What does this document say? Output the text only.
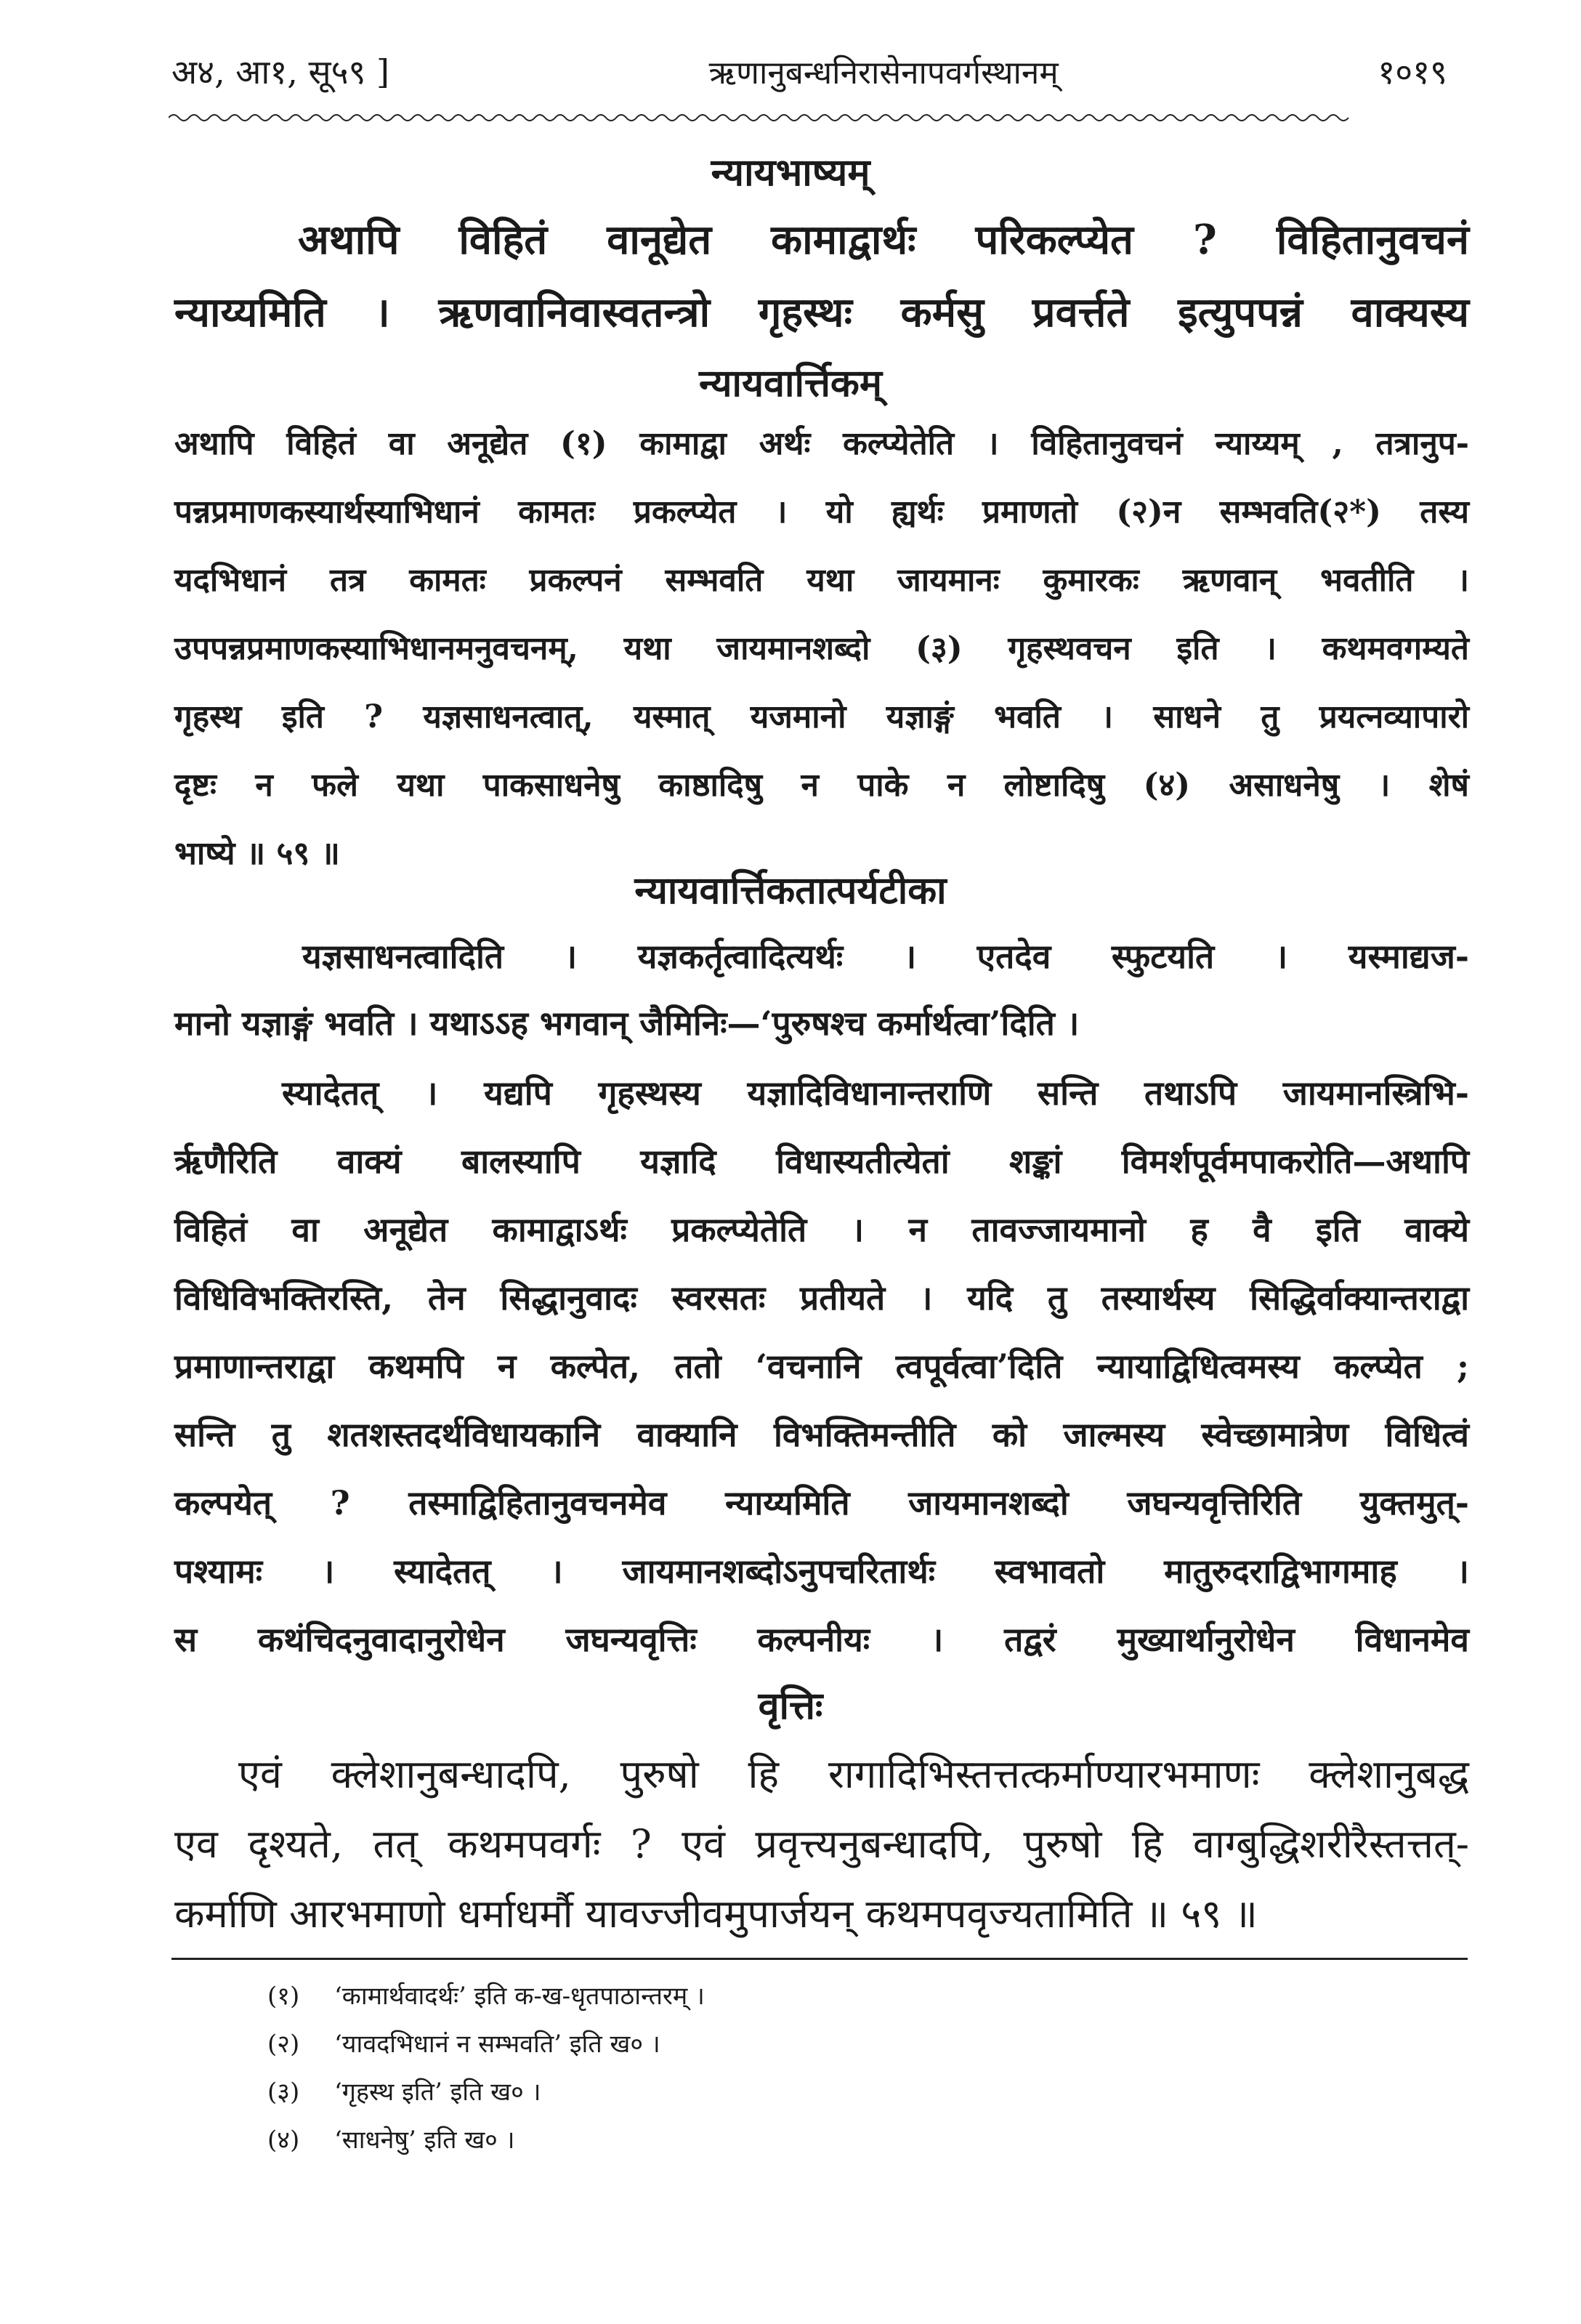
अ४, आ१, सू५९ ]	ऋणानुबन्धनिरासेनापवर्गस्थानम्	१०१९
न्यायभाष्यम्
अथापि विहितं वानूद्येत कामाद्वार्थः परिकल्प्येत ? विहितानुवचनं
न्याय्यमिति । ऋणवानिवास्वतन्त्रो गृहस्थः कर्मसु प्रवर्त्तते इत्युपपन्नं वाक्यस्य
न्यायवार्त्तिकम्
अथापि विहितं वा अनूद्येत (१) कामाद्वा अर्थः कल्प्येतेति । विहितानुवचनं न्याय्यम् , तत्रानुप-
पन्नप्रमाणकस्यार्थस्याभिधानं कामतः प्रकल्प्येत । यो ह्यर्थः प्रमाणतो (२)न सम्भवति(२*) तस्य
यदभिधानं तत्र कामतः प्रकल्पनं सम्भवति यथा जायमानः कुमारकः ऋणवान् भवतीति ।
उपपन्नप्रमाणकस्याभिधानमनुवचनम्, यथा जायमानशब्दो (३) गृहस्थवचन इति । कथमवगम्यते
गृहस्थ इति ? यज्ञसाधनत्वात्, यस्मात् यजमानो यज्ञाङ्गं भवति । साधने तु प्रयत्नव्यापारो
दृष्टः न फले यथा पाकसाधनेषु काष्ठादिषु न पाके न लोष्टादिषु (४) असाधनेषु । शेषं
भाष्ये ॥ ५९ ॥
न्यायवार्त्तिकतात्पर्यटीका
यज्ञसाधनत्वादिति । यज्ञकर्तृत्वादित्यर्थः । एतदेव स्फुटयति । यस्माद्यज-
मानो यज्ञाङ्गं भवति । यथाऽऽह भगवान् जैमिनिः—‘पुरुषश्च कर्मार्थत्वा’दिति ।
स्यादेतत् । यद्यपि गृहस्थस्य यज्ञादिविधानान्तराणि सन्ति तथाऽपि जायमानस्त्रिभि-
र्ऋणैरिति वाक्यं बालस्यापि यज्ञादि विधास्यतीत्येतां शङ्कां विमर्शपूर्वमपाकरोति—अथापि
विहितं वा अनूद्येत कामाद्वाऽर्थः प्रकल्प्येतेति । न तावज्जायमानो ह वै इति वाक्ये
विधिविभक्तिरस्ति, तेन सिद्धानुवादः स्वरसतः प्रतीयते । यदि तु तस्यार्थस्य सिद्धिर्वाक्यान्तराद्वा
प्रमाणान्तराद्वा कथमपि न कल्पेत, ततो ‘वचनानि त्वपूर्वत्वा’दिति न्यायाद्विधित्वमस्य कल्प्येत ;
सन्ति तु शतशस्तदर्थविधायकानि वाक्यानि विभक्तिमन्तीति को जाल्मस्य स्वेच्छामात्रेण विधित्वं
कल्पयेत् ? तस्माद्विहितानुवचनमेव न्याय्यमिति जायमानशब्दो जघन्यवृत्तिरिति युक्तमुत्-
पश्यामः । स्यादेतत् । जायमानशब्दोऽनुपचरितार्थः स्वभावतो मातुरुदराद्विभागमाह ।
स कथंचिदनुवादानुरोधेन जघन्यवृत्तिः कल्पनीयः । तद्वरं मुख्यार्थानुरोधेन विधानमेव
वृत्तिः
एवं क्लेशानुबन्धादपि, पुरुषो हि रागादिभिस्तत्तत्कर्माण्यारभमाणः क्लेशानुबद्ध
एव दृश्यते, तत् कथमपवर्गः ? एवं प्रवृत्त्यनुबन्धादपि, पुरुषो हि वाग्बुद्धिशरीरैस्तत्तत्-
कर्माणि आरभमाणो धर्माधर्मौ यावज्जीवमुपार्जयन् कथमपवृज्यतामिति ॥ ५९ ॥
(१) ‘कामार्थवादर्थः’ इति क-ख-धृतपाठान्तरम् ।
(२) ‘यावदभिधानं न सम्भवति’ इति ख० ।
(३) ‘गृहस्थ इति’ इति ख० ।
(४) ‘साधनेषु’ इति ख० ।
